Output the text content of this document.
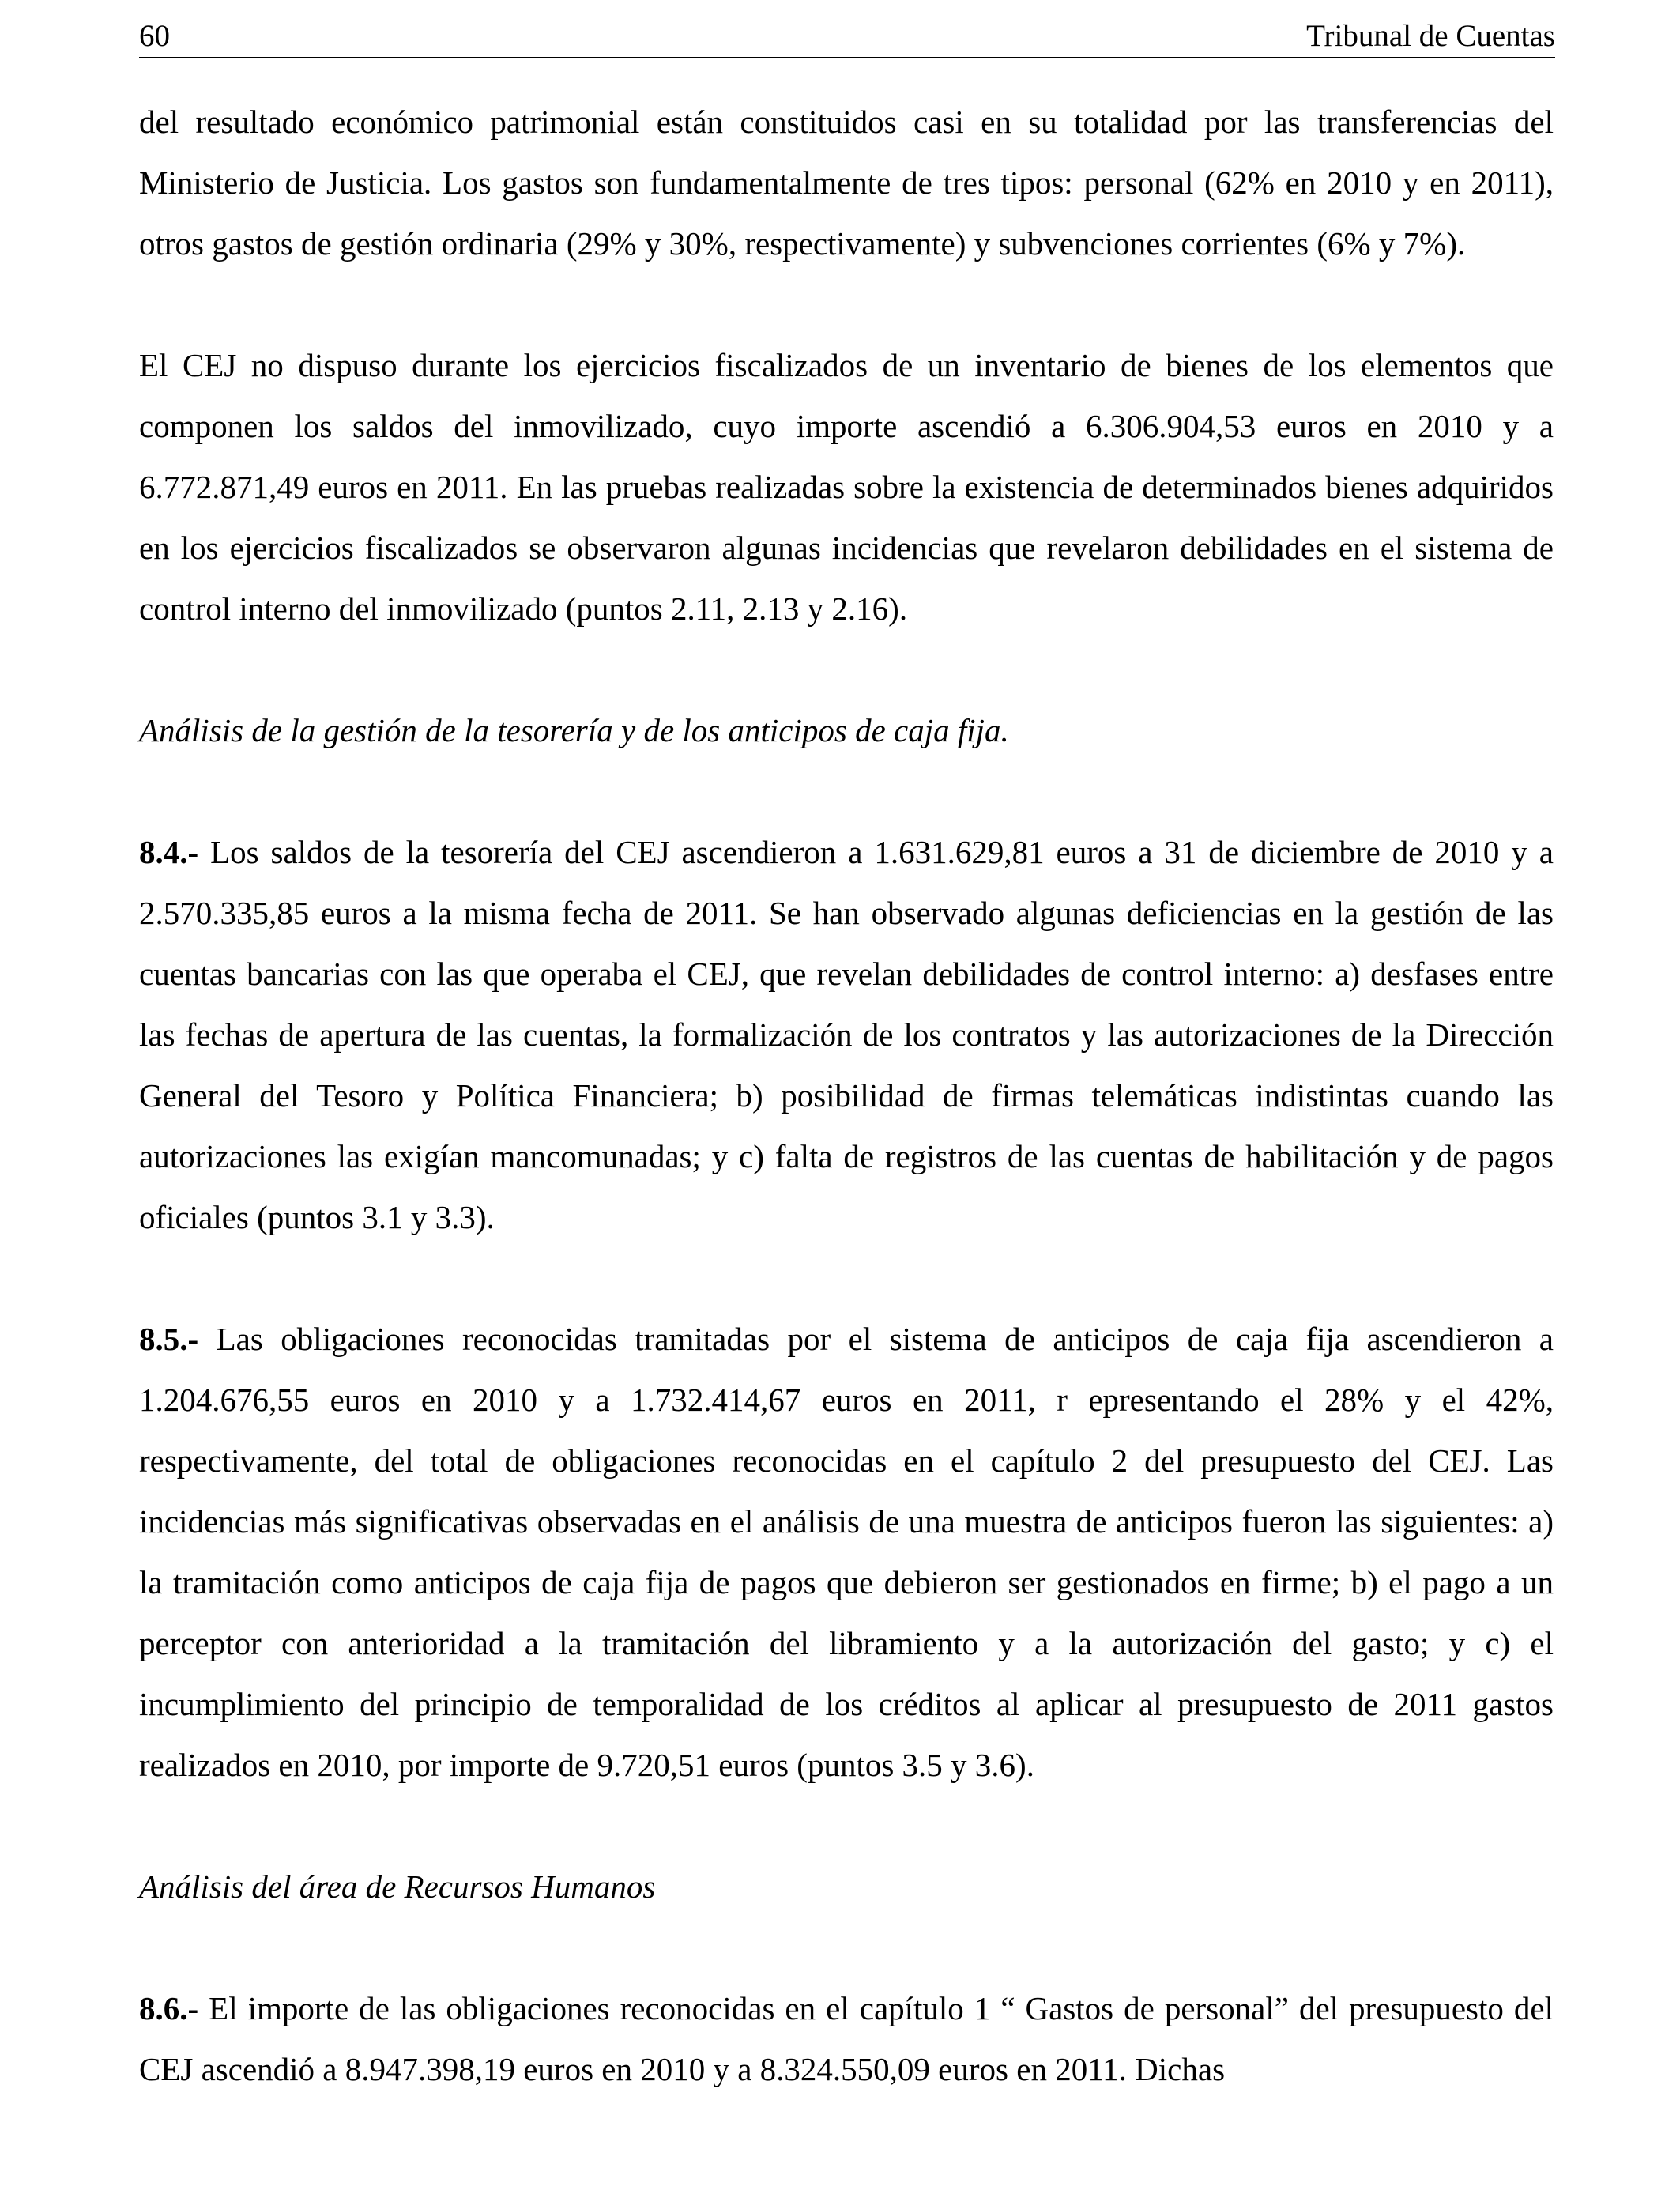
60	Tribunal de Cuentas

del resultado económico patrimonial están constituidos casi en su totalidad por las transferencias del Ministerio de Justicia. Los gastos son fundamentalmente de tres tipos: personal (62% en 2010 y en 2011), otros gastos de gestión ordinaria (29% y 30%, respectivamente) y subvenciones corrientes (6% y 7%).

El CEJ no dispuso durante los ejercicios fiscalizados de un inventario de bienes de los elementos que componen los saldos del inmovilizado, cuyo importe ascendió a 6.306.904,53 euros en 2010 y a 6.772.871,49 euros en 2011. En las pruebas realizadas sobre la existencia de determinados bienes adquiridos en los ejercicios fiscalizados se observaron algunas incidencias que revelaron debilidades en el sistema de control interno del inmovilizado (puntos 2.11, 2.13 y 2.16).

Análisis de la gestión de la tesorería y de los anticipos de caja fija.

8.4.- Los saldos de la tesorería del CEJ ascendieron a 1.631.629,81 euros a 31 de diciembre de 2010 y a 2.570.335,85 euros a la misma fecha de 2011. Se han observado algunas deficiencias en la gestión de las cuentas bancarias con las que operaba el CEJ, que revelan debilidades de control interno: a) desfases entre las fechas de apertura de las cuentas, la formalización de los contratos y las autorizaciones de la Dirección General del Tesoro y Política Financiera; b) posibilidad de firmas telemáticas indistintas cuando las autorizaciones las exigían mancomunadas; y c) falta de registros de las cuentas de habilitación y de pagos oficiales (puntos 3.1 y 3.3).

8.5.- Las obligaciones reconocidas tramitadas por el sistema de anticipos de caja fija ascendieron a 1.204.676,55 euros en 2010 y a 1.732.414,67 euros en 2011, r epresentando el 28% y el 42%, respectivamente, del total de obligaciones reconocidas en el capítulo 2 del presupuesto del CEJ. Las incidencias más significativas observadas en el análisis de una muestra de anticipos fueron las siguientes: a) la tramitación como anticipos de caja fija de pagos que debieron ser gestionados en firme; b) el pago a un perceptor con anterioridad a la tramitación del libramiento y a la autorización del gasto; y c) el incumplimiento del principio de temporalidad de los créditos al aplicar al presupuesto de 2011 gastos realizados en 2010, por importe de 9.720,51 euros (puntos 3.5 y 3.6).

Análisis del área de Recursos Humanos

8.6.- El importe de las obligaciones reconocidas en el capítulo 1 “ Gastos de personal” del presupuesto del CEJ ascendió a 8.947.398,19 euros en 2010 y a 8.324.550,09 euros en 2011. Dichas
